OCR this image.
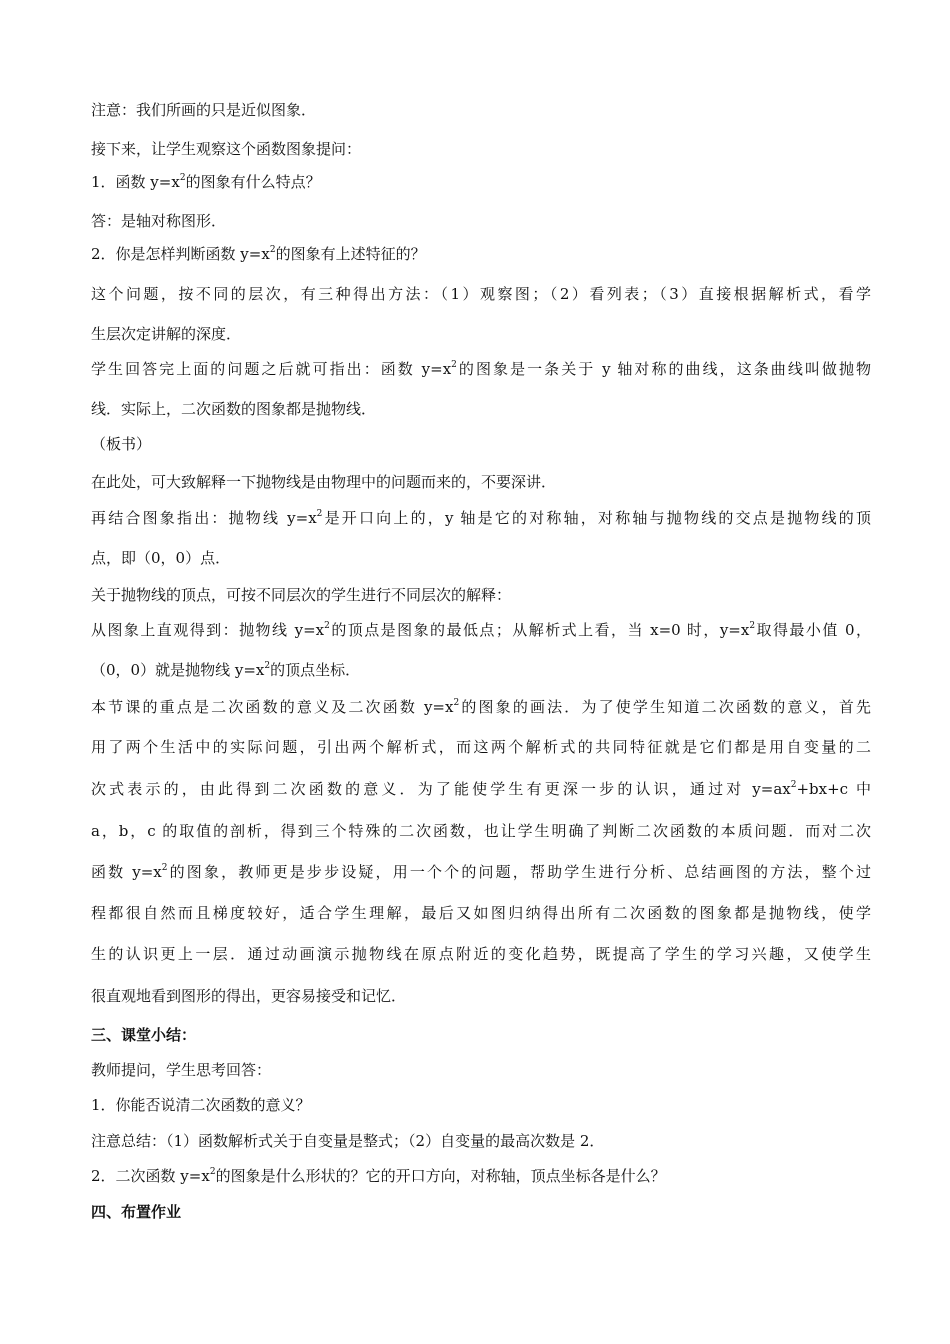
注意：我们所画的只是近似图象．
接下来，让学生观察这个函数图象提问：
1．函数 $y=x^2$的图象有什么特点？
答：是轴对称图形．
2．你是怎样判断函数 $y=x^2$的图象有上述特征的？
这个问题，按不同的层次，有三种得出方法：（1）观察图；（2）看列表；（3）直接根据解析式，看学
生层次定讲解的深度．
学生回答完上面的问题之后就可指出：函数 $y=x^2$的图象是一条关于 y 轴对称的曲线，这条曲线叫做抛物
线．实际上，二次函数的图象都是抛物线．
（板书）
在此处，可大致解释一下抛物线是由物理中的问题而来的，不要深讲．
再结合图象指出：抛物线 $y=x^2$是开口向上的，y 轴是它的对称轴，对称轴与抛物线的交点是抛物线的顶
点，即（0，0）点．
关于抛物线的顶点，可按不同层次的学生进行不同层次的解释：
从图象上直观得到：抛物线 $y=x^2$的顶点是图象的最低点；从解析式上看，当 x=0 时，$y=x^2$取得最小值 0，
（0，0）就是抛物线 $y=x^2$的顶点坐标．
本节课的重点是二次函数的意义及二次函数 $y=x^2$的图象的画法．为了使学生知道二次函数的意义，首先
用了两个生活中的实际问题，引出两个解析式，而这两个解析式的共同特征就是它们都是用自变量的二
次式表示的，由此得到二次函数的意义．为了能使学生有更深一步的认识，通过对 $y=ax^2+bx+c$ 中
a，b，c 的取值的剖析，得到三个特殊的二次函数，也让学生明确了判断二次函数的本质问题．而对二次
函数 $y=x^2$的图象，教师更是步步设疑，用一个个的问题，帮助学生进行分析、总结画图的方法，整个过
程都很自然而且梯度较好，适合学生理解，最后又如图归纳得出所有二次函数的图象都是抛物线，使学
生的认识更上一层．通过动画演示抛物线在原点附近的变化趋势，既提高了学生的学习兴趣，又使学生
很直观地看到图形的得出，更容易接受和记忆．
三、课堂小结：
教师提问，学生思考回答：
1．你能否说清二次函数的意义？
注意总结：（1）函数解析式关于自变量是整式；（2）自变量的最高次数是 2．
2．二次函数 $y=x^2$的图象是什么形状的？它的开口方向，对称轴，顶点坐标各是什么？
四、布置作业
